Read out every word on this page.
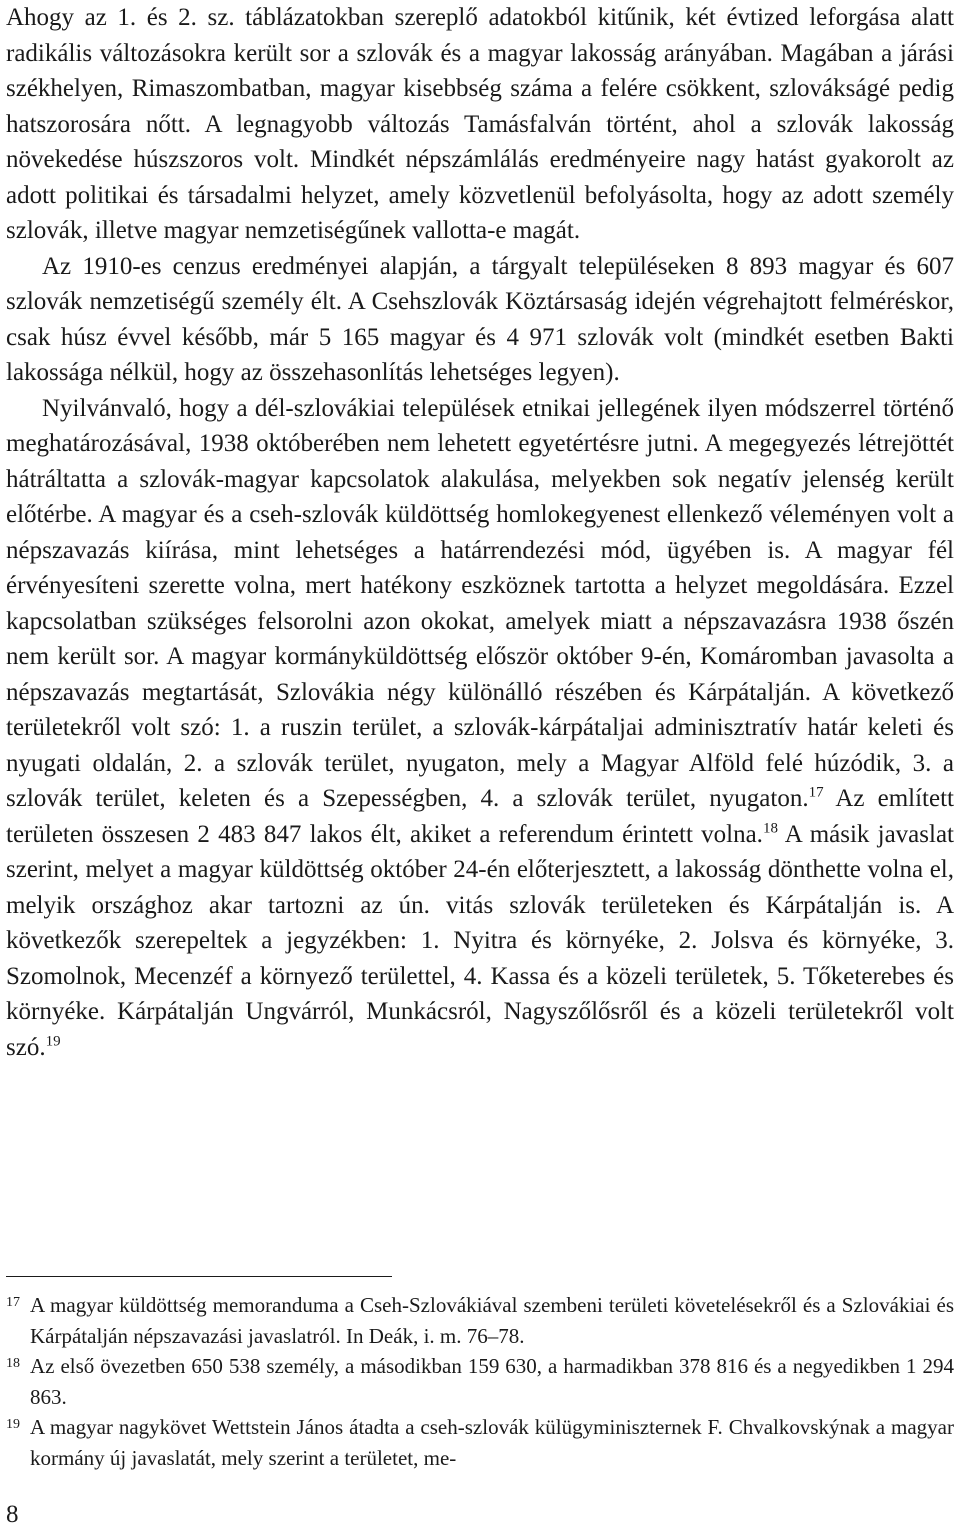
Ahogy az 1. és 2. sz. táblázatokban szereplő adatokból kitűnik, két évtized leforgása alatt radikális változásokra került sor a szlovák és a magyar lakosság arányában. Magában a járási székhelyen, Rimaszombatban, magyar kisebbség száma a felére csökkent, szlovákságé pedig hatszorosára nőtt. A legnagyobb változás Tamásfalván történt, ahol a szlovák lakosság növekedése húszszoros volt. Mindkét népszámlálás eredményeire nagy hatást gyakorolt az adott politikai és társadalmi helyzet, amely közvetlenül befolyásolta, hogy az adott személy szlovák, illetve magyar nemzetiségűnek vallotta-e magát.

Az 1910-es cenzus eredményei alapján, a tárgyalt településeken 8 893 magyar és 607 szlovák nemzetiségű személy élt. A Csehszlovák Köztársaság idején végrehajtott felméréskor, csak húsz évvel később, már 5 165 magyar és 4 971 szlovák volt (mindkét esetben Bakti lakossága nélkül, hogy az összehasonlítás lehetséges legyen).

Nyilvánvaló, hogy a dél-szlovákiai települések etnikai jellegének ilyen módszerrel történő meghatározásával, 1938 októberében nem lehetett egyetértésre jutni. A megegyezés létrejöttét hátráltatta a szlovák-magyar kapcsolatok alakulása, melyekben sok negatív jelenség került előtérbe. A magyar és a cseh-szlovák küldöttség homlokegyenest ellenkező véleményen volt a népszavazás kiírása, mint lehetséges a határrendezési mód, ügyében is. A magyar fél érvényesíteni szerette volna, mert hatékony eszköznek tartotta a helyzet megoldására. Ezzel kapcsolatban szükséges felsorolni azon okokat, amelyek miatt a népszavazásra 1938 őszén nem került sor. A magyar kormányküldöttség először október 9-én, Komáromban javasolta a népszavazás megtartását, Szlovákia négy különálló részében és Kárpátalján. A következő területekről volt szó: 1. a ruszin terület, a szlovák-kárpátaljai adminisztratív határ keleti és nyugati oldalán, 2. a szlovák terület, nyugaton, mely a Magyar Alföld felé húzódik, 3. a szlovák terület, keleten és a Szepességben, 4. a szlovák terület, nyugaton.$^{17}$ Az említett területen összesen 2 483 847 lakos élt, akiket a referendum érintett volna.$^{18}$ A másik javaslat szerint, melyet a magyar küldöttség október 24-én előterjesztett, a lakosság dönthette volna el, melyik országhoz akar tartozni az ún. vitás szlovák területeken és Kárpátalján is. A következők szerepeltek a jegyzékben: 1. Nyitra és környéke, 2. Jolsva és környéke, 3. Szomolnok, Mecenzéf a környező területtel, 4. Kassa és a közeli területek, 5. Tőketerebes és környéke. Kárpátalján Ungvárról, Munkácsról, Nagyszőlősről és a közeli területekről volt szó.$^{19}$

17 A magyar küldöttség memoranduma a Cseh-Szlovákiával szembeni területi követelésekről és a Szlovákiai és Kárpátalján népszavazási javaslatról. In Deák, i. m. 76–78.
18 Az első övezetben 650 538 személy, a másodikban 159 630, a harmadikban 378 816 és a negyedikben 1 294 863.
19 A magyar nagykövet Wettstein János átadta a cseh-szlovák külügyminiszternek F. Chvalkovskýnak a magyar kormány új javaslatát, mely szerint a területet, me-
8
